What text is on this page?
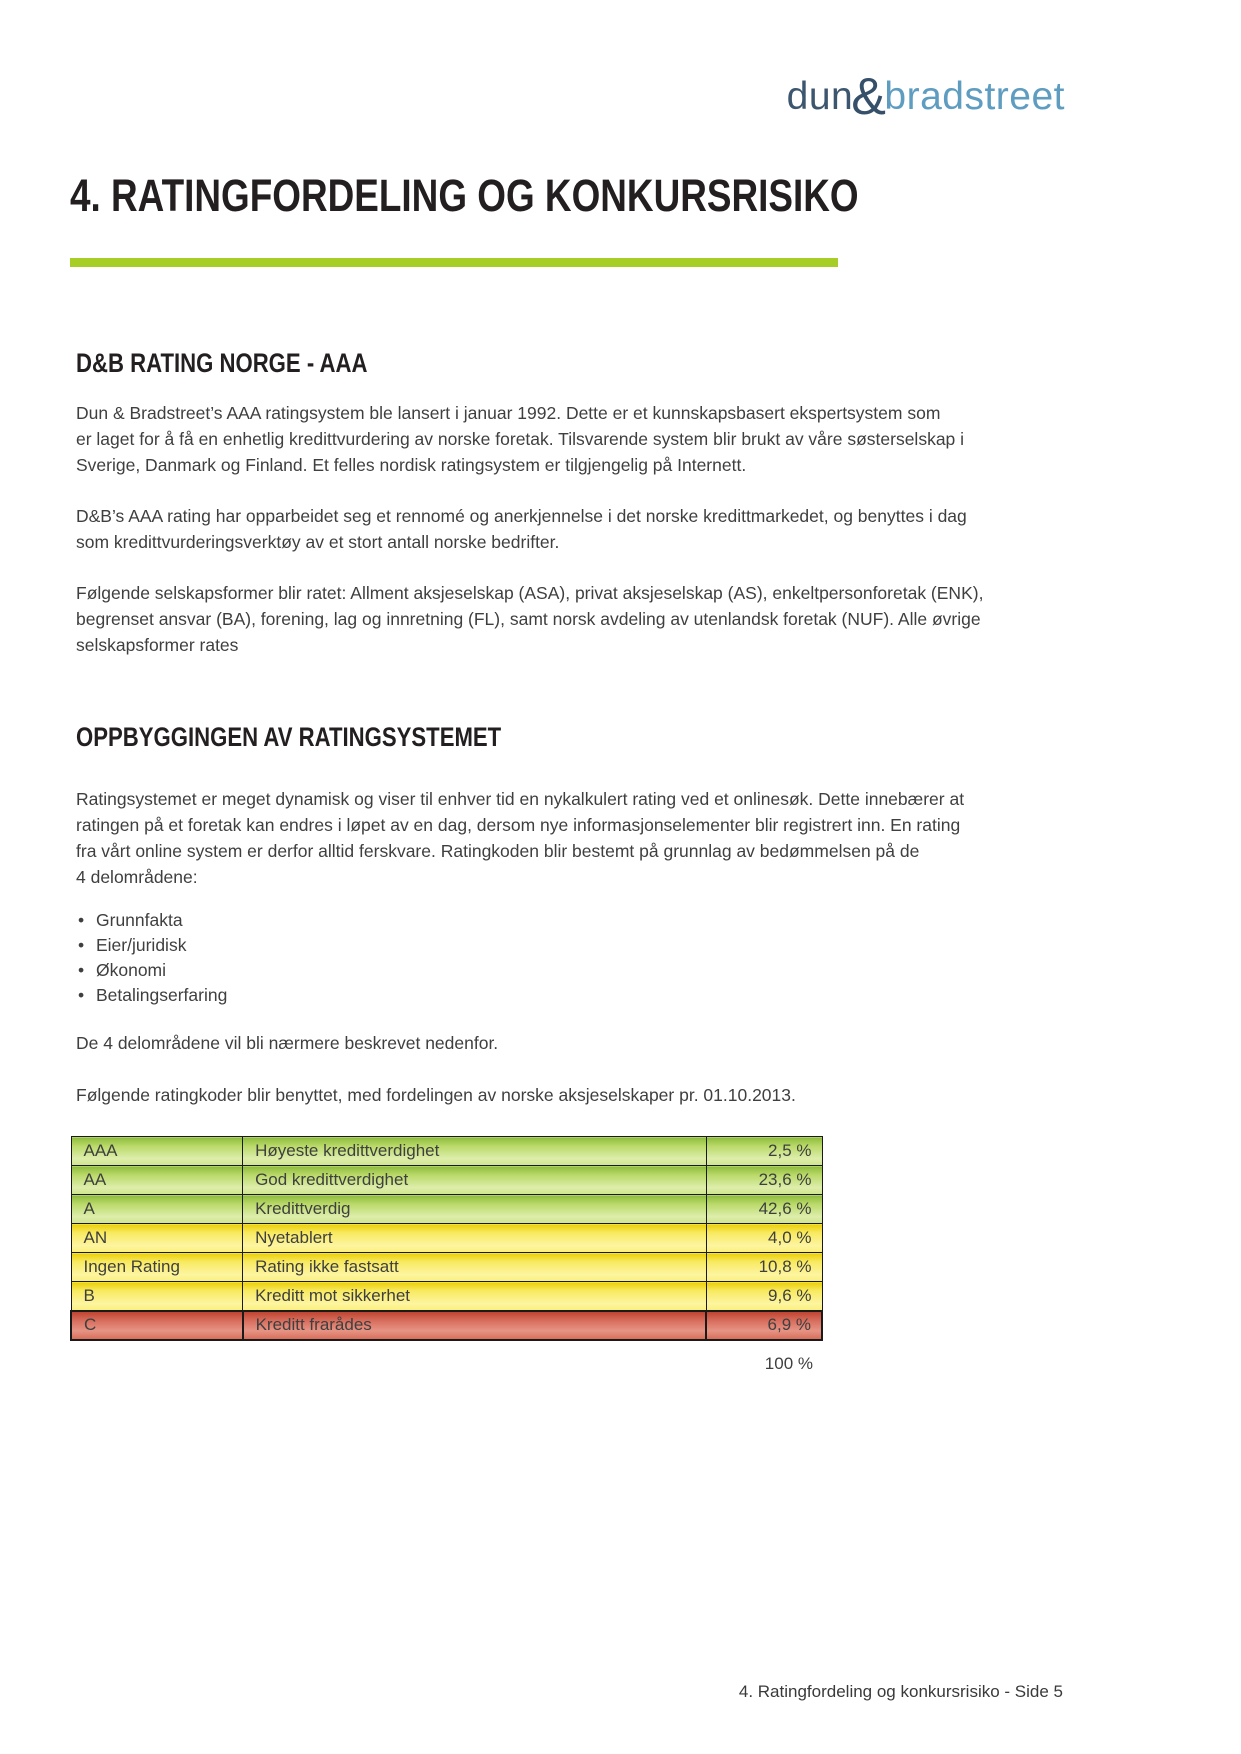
dun&bradstreet
4. RATINGFORDELING OG KONKURSRISIKO
D&B RATING NORGE - AAA
Dun & Bradstreet’s AAA ratingsystem ble lansert i januar 1992. Dette er et kunnskapsbasert ekspertsystem som
er laget for å få en enhetlig kredittvurdering av norske foretak. Tilsvarende system blir brukt av våre søsterselskap i
Sverige, Danmark og Finland. Et felles nordisk ratingsystem er tilgjengelig på Internett.
D&B’s AAA rating har opparbeidet seg et rennomé og anerkjennelse i det norske kredittmarkedet, og benyttes i dag
som kredittvurderingsverktøy av et stort antall norske bedrifter.
Følgende selskapsformer blir ratet: Allment aksjeselskap (ASA), privat aksjeselskap (AS), enkeltpersonforetak (ENK),
begrenset ansvar (BA), forening, lag og innretning (FL), samt norsk avdeling av utenlandsk foretak (NUF). Alle øvrige
selskapsformer rates
OPPBYGGINGEN AV RATINGSYSTEMET
Ratingsystemet er meget dynamisk og viser til enhver tid en nykalkulert rating ved et onlinesøk. Dette innebærer at
ratingen på et foretak kan endres i løpet av en dag, dersom nye informasjonselementer blir registrert inn. En rating
fra vårt online system er derfor alltid ferskvare. Ratingkoden blir bestemt på grunnlag av bedømmelsen på de
4 delområdene:
• Grunnfakta
• Eier/juridisk
• Økonomi
• Betalingserfaring
De 4 delområdene vil bli nærmere beskrevet nedenfor.
Følgende ratingkoder blir benyttet, med fordelingen av norske aksjeselskaper pr. 01.10.2013.
AAA	Høyeste kredittverdighet	2,5 %
AA	God kredittverdighet	23,6 %
A	Kredittverdig	42,6 %
AN	Nyetablert	4,0 %
Ingen Rating	Rating ikke fastsatt	10,8 %
B	Kreditt mot sikkerhet	9,6 %
C	Kreditt frarådes	6,9 %
100 %
4. Ratingfordeling og konkursrisiko - Side 5
